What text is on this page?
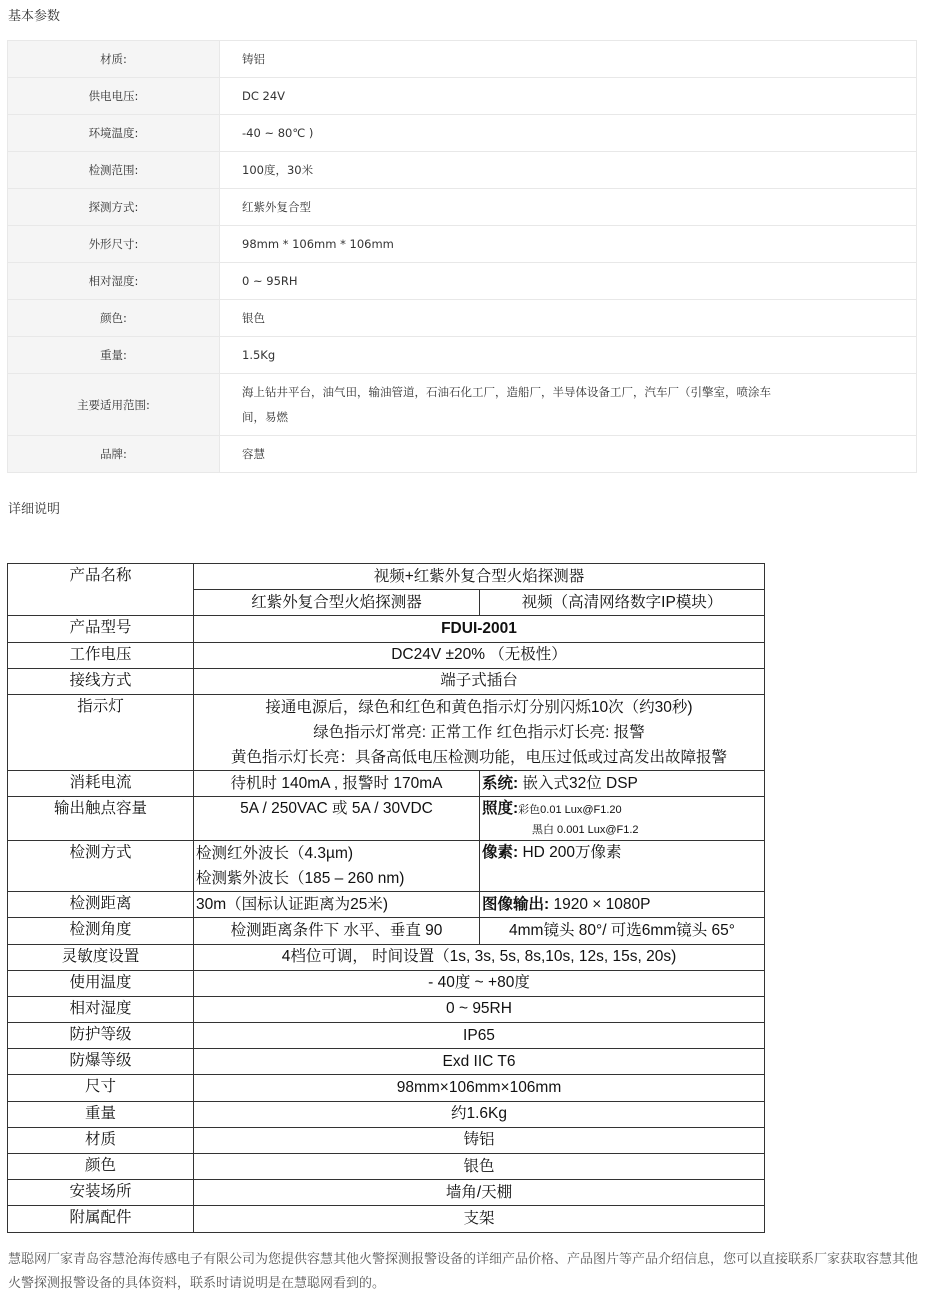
基本参数
材质:	铸铝
供电电压:	DC 24V
环境温度:	-40 ~ 80℃ )
检测范围:	100度，30米
探测方式:	红紫外复合型
外形尺寸:	98mm * 106mm * 106mm
相对湿度:	0 ~ 95RH
颜色:	银色
重量:	1.5Kg
主要适用范围:	海上钻井平台，油气田，输油管道，石油石化工厂，造船厂，半导体设备工厂，汽车厂（引擎室，喷涂车间，易燃

品牌:	容慧
详细说明
产品名称	视频+红紫外复合型火焰探测器	
	红紫外复合型火焰探测器	视频（高清网络数字IP模块）
产品型号	FDUI-2001	
工作电压	DC24V ±20% （无极性）	
接线方式	端子式插台	
指示灯	接通电源后，绿色和红色和黄色指示灯分别闪烁10次（约30秒)
绿色指示灯常亮: 正常工作 红色指示灯长亮: 报警
黄色指示灯长亮：具备高低电压检测功能，电压过低或过高发出故障报警	

消耗电流	待机时 140mA , 报警时 170mA	系统: 嵌入式32位 DSP
输出触点容量	5A / 250VAC 或 5A / 30VDC	照度: 彩色0.01 Lux@F1.20
黑白 0.001 Lux@F1.2

检测方式	检测红外波长（4.3µm)
检测紫外波长（185 – 260 nm)	像素: HD 200万像素
检测距离	30m（国标认证距离为25米)	图像输出: 1920 × 1080P
检测角度	检测距离条件下 水平、垂直 90	4mm镜头 80°/ 可选6mm镜头 65°
灵敏度设置	4档位可调， 时间设置（1s, 3s, 5s, 8s,10s, 12s, 15s, 20s)	
使用温度	- 40度 ~ +80度	
相对湿度	0 ~ 95RH	
防护等级	IP65	
防爆等级	Exd IIC T6	
尺寸	98mm×106mm×106mm	
重量	约1.6Kg	
材质	铸铝	
颜色	银色	
安装场所	墙角/天棚	
附属配件	支架	
慧聪网厂家青岛容慧沧海传感电子有限公司为您提供容慧其他火警探测报警设备的详细产品价格、产品图片等产品介绍信息，您可以直接联系厂家获取容慧其他火警探测报警设备的具体资料，联系时请说明是在慧聪网看到的。
